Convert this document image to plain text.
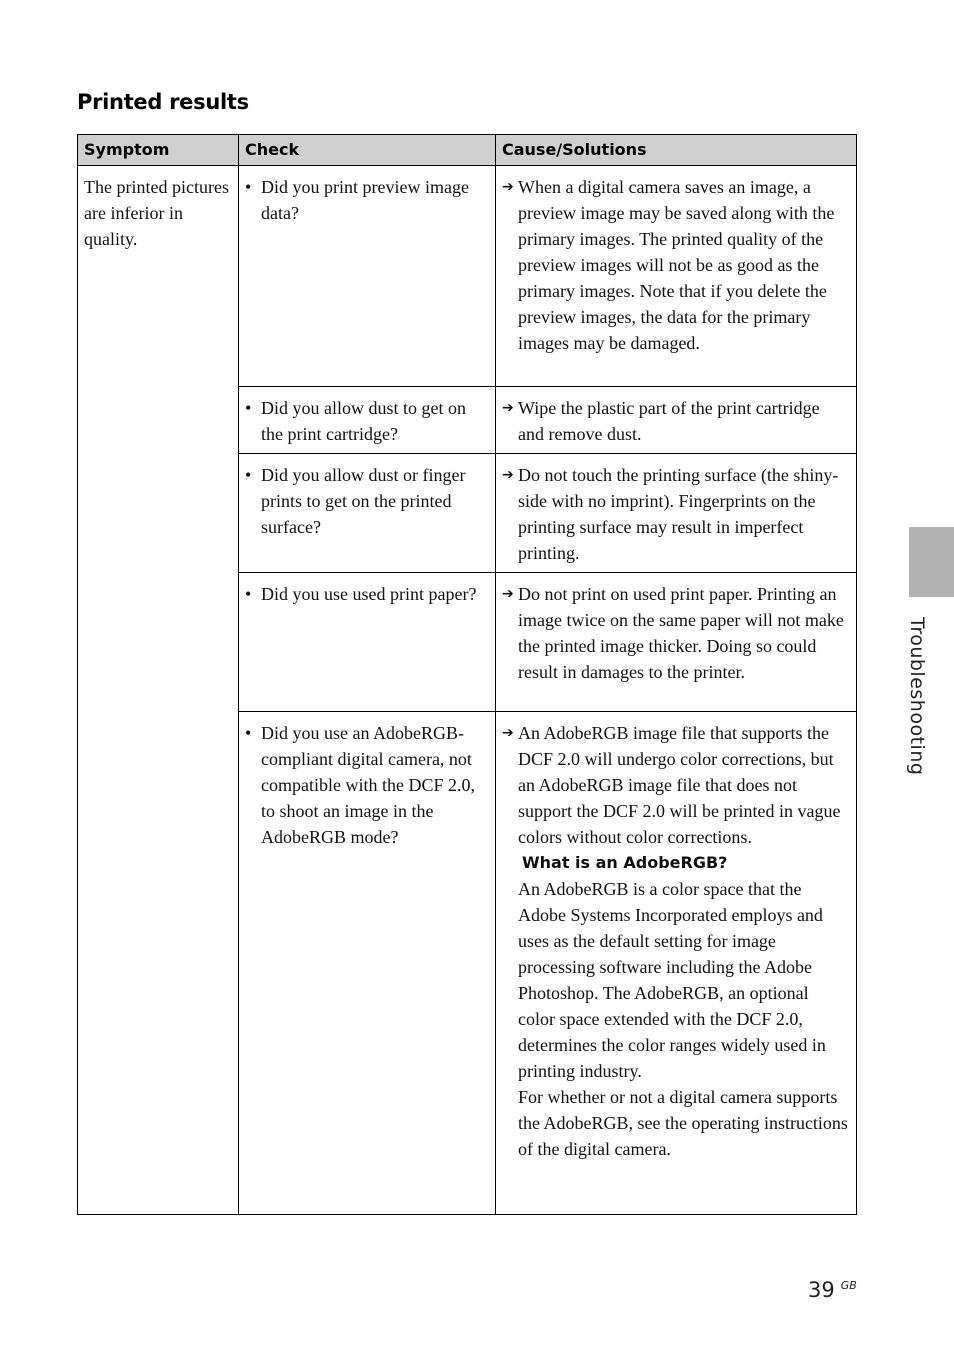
Printed results
Symptom	Check	Cause/Solutions
The printed pictures are inferior in quality.	• Did you print preview image data?	➔ When a digital camera saves an image, a preview image may be saved along with the primary images. The printed quality of the preview images will not be as good as the primary images. Note that if you delete the preview images, the data for the primary images may be damaged.

	• Did you allow dust to get on the print cartridge?	➔ Wipe the plastic part of the print cartridge and remove dust.

	• Did you allow dust or finger prints to get on the printed surface?	➔ Do not touch the printing surface (the shiny-side with no imprint). Fingerprints on the printing surface may result in imperfect printing.

	• Did you use used print paper?	➔ Do not print on used print paper. Printing an image twice on the same paper will not make the printed image thicker. Doing so could result in damages to the printer.

	• Did you use an AdobeRGB-compliant digital camera, not compatible with the DCF 2.0, to shoot an image in the AdobeRGB mode?	➔ An AdobeRGB image file that supports the DCF 2.0 will undergo color corrections, but an AdobeRGB image file that does not support the DCF 2.0 will be printed in vague colors without color corrections.
What is an AdobeRGB?
An AdobeRGB is a color space that the Adobe Systems Incorporated employs and uses as the default setting for image processing software including the Adobe Photoshop. The AdobeRGB, an optional color space extended with the DCF 2.0, determines the color ranges widely used in printing industry.
For whether or not a digital camera supports the AdobeRGB, see the operating instructions of the digital camera.
Troubleshooting
39 $^{GB}$
